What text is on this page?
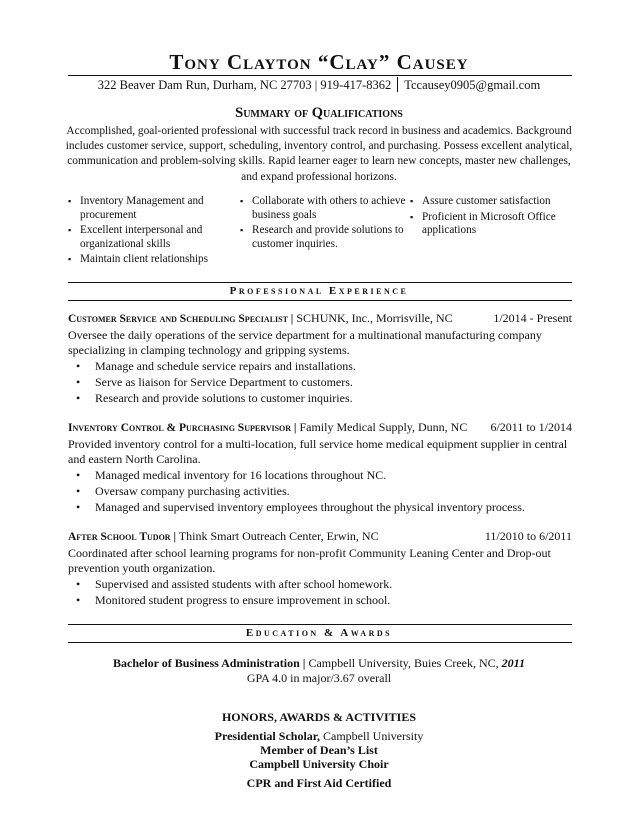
Tony Clayton “Clay” Causey
322 Beaver Dam Run, Durham, NC 27703 | 919-417-8362 Tccausey0905@gmail.com
Summary of Qualifications
Accomplished, goal-oriented professional with successful track record in business and academics. Background includes customer service, support, scheduling, inventory control, and purchasing. Possess excellent analytical, communication and problem-solving skills. Rapid learner eager to learn new concepts, master new challenges, and expand professional horizons.
▪ Inventory Management and procurement
▪ Excellent interpersonal and organizational skills
▪ Maintain client relationships
▪ Collaborate with others to achieve business goals
▪ Research and provide solutions to customer inquiries.
▪ Assure customer satisfaction
▪ Proficient in Microsoft Office applications
Professional Experience
Customer Service and Scheduling Specialist | SCHUNK, Inc., Morrisville, NC	1/2014 - Present
Oversee the daily operations of the service department for a multinational manufacturing company specializing in clamping technology and gripping systems.
• Manage and schedule service repairs and installations.
• Serve as liaison for Service Department to customers.
• Research and provide solutions to customer inquiries.
Inventory Control & Purchasing Supervisor | Family Medical Supply, Dunn, NC 6/2011 to 1/2014
Provided inventory control for a multi-location, full service home medical equipment supplier in central and eastern North Carolina.
• Managed medical inventory for 16 locations throughout NC.
• Oversaw company purchasing activities.
• Managed and supervised inventory employees throughout the physical inventory process.
After School Tudor | Think Smart Outreach Center, Erwin, NC	11/2010 to 6/2011
Coordinated after school learning programs for non-profit Community Leaning Center and Drop-out prevention youth organization.
• Supervised and assisted students with after school homework.
• Monitored student progress to ensure improvement in school.
Education & Awards
Bachelor of Business Administration | Campbell University, Buies Creek, NC, 2011
GPA 4.0 in major/3.67 overall
HONORS, AWARDS & ACTIVITIES
Presidential Scholar, Campbell University
Member of Dean’s List
Campbell University Choir
CPR and First Aid Certified
